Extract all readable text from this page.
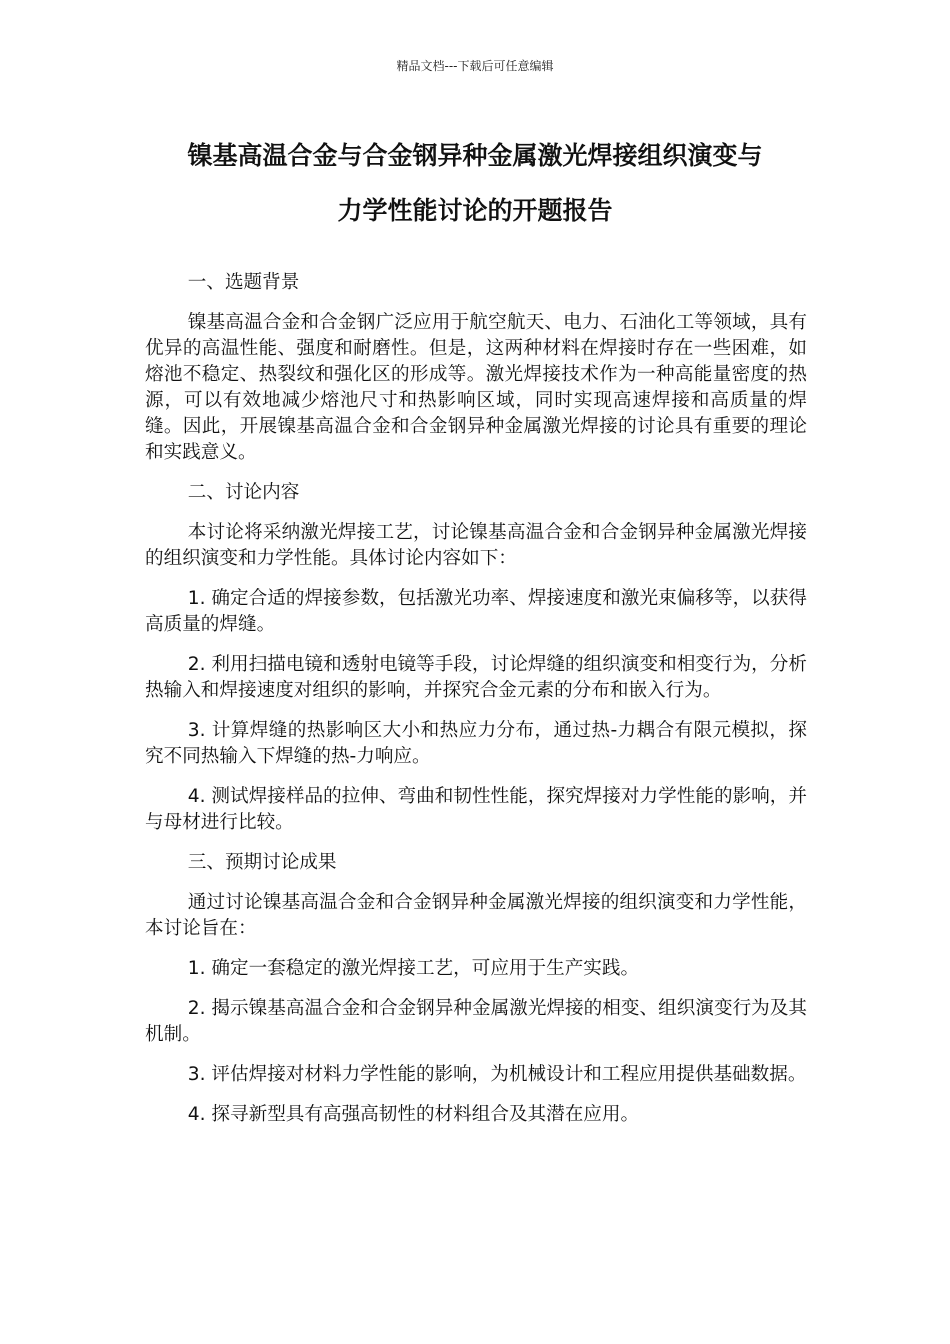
精品文档---下载后可任意编辑
镍基高温合金与合金钢异种金属激光焊接组织演变与
力学性能讨论的开题报告

一、选题背景

镍基高温合金和合金钢广泛应用于航空航天、电力、石油化工等领域，具有优异的高温性能、强度和耐磨性。但是，这两种材料在焊接时存在一些困难，如熔池不稳定、热裂纹和强化区的形成等。激光焊接技术作为一种高能量密度的热源，可以有效地减少熔池尺寸和热影响区域，同时实现高速焊接和高质量的焊缝。因此，开展镍基高温合金和合金钢异种金属激光焊接的讨论具有重要的理论和实践意义。

二、讨论内容

本讨论将采纳激光焊接工艺，讨论镍基高温合金和合金钢异种金属激光焊接的组织演变和力学性能。具体讨论内容如下：

1. 确定合适的焊接参数，包括激光功率、焊接速度和激光束偏移等，以获得高质量的焊缝。

2. 利用扫描电镜和透射电镜等手段，讨论焊缝的组织演变和相变行为，分析热输入和焊接速度对组织的影响，并探究合金元素的分布和嵌入行为。

3. 计算焊缝的热影响区大小和热应力分布，通过热-力耦合有限元模拟，探究不同热输入下焊缝的热-力响应。

4. 测试焊接样品的拉伸、弯曲和韧性性能，探究焊接对力学性能的影响，并与母材进行比较。

三、预期讨论成果

通过讨论镍基高温合金和合金钢异种金属激光焊接的组织演变和力学性能，本讨论旨在：

1. 确定一套稳定的激光焊接工艺，可应用于生产实践。

2. 揭示镍基高温合金和合金钢异种金属激光焊接的相变、组织演变行为及其机制。

3. 评估焊接对材料力学性能的影响，为机械设计和工程应用提供基础数据。

4. 探寻新型具有高强高韧性的材料组合及其潜在应用。
